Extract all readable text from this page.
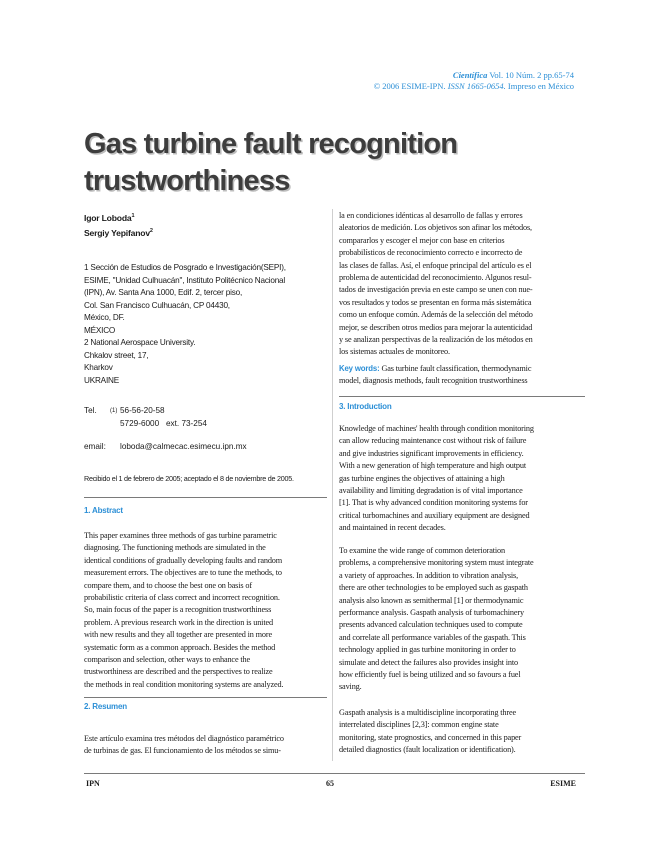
Científica Vol. 10 Núm. 2 pp.65-74
© 2006 ESIME-IPN. ISSN 1665-0654. Impreso en México
Gas turbine fault recognition
trustworthiness
Igor Loboda$^1$
Sergiy Yepifanov$^2$
1 Sección de Estudios de Posgrado e Investigación(SEPI),
ESIME, "Unidad Culhuacán", Instituto Politécnico Nacional
(IPN), Av. Santa Ana 1000, Edif. 2, tercer piso,
Col. San Francisco Culhuacán, CP 04430,
México, DF.
MÉXICO
2 National Aerospace University.
Chkalov street, 17,
Kharkov
UKRAINE
Tel. (1) 56-56-20-58
5729-6000   ext. 73-254
email: loboda@calmecac.esimecu.ipn.mx
Recibido el 1 de febrero de 2005; aceptado el 8 de noviembre de 2005.
1. Abstract
This paper examines three methods of gas turbine parametric
diagnosing. The functioning methods are simulated in the
identical conditions of gradually developing faults and random
measurement errors. The objectives are to tune the methods, to
compare them, and to choose the best one on basis of
probabilistic criteria of class correct and incorrect recognition.
So, main focus of the paper is a recognition trustworthiness
problem. A previous research work in the direction is united
with new results and they all together are presented in more
systematic form as a common approach. Besides the method
comparison and selection, other ways to enhance the
trustworthiness are described and the perspectives to realize
the methods in real condition monitoring systems are analyzed.
2. Resumen
Este artículo examina tres métodos del diagnóstico paramétrico
de turbinas de gas. El funcionamiento de los métodos se simu-
la en condiciones idénticas al desarrollo de fallas y errores
aleatorios de medición. Los objetivos son afinar los métodos,
compararlos y escoger el mejor con base en criterios
probabilísticos de reconocimiento correcto e incorrecto de
las clases de fallas. Así, el enfoque principal del artículo es el
problema de autenticidad del reconocimiento. Algunos resul-
tados de investigación previa en este campo se unen con nue-
vos resultados y todos se presentan en forma más sistemática
como un enfoque común. Además de la selección del método
mejor, se describen otros medios para mejorar la autenticidad
y se analizan perspectivas de la realización de los métodos en
los sistemas actuales de monitoreo.
Key words: Gas turbine fault classification, thermodynamic
model, diagnosis methods, fault recognition trustworthiness
3. Introduction
Knowledge of machines' health through condition monitoring
can allow reducing maintenance cost without risk of failure
and give industries significant improvements in efficiency.
With a new generation of high temperature and high output
gas turbine engines the objectives of attaining a high
availability and limiting degradation is of vital importance
[1]. That is why advanced condition monitoring systems for
critical turbomachines and auxiliary equipment are designed
and maintained in recent decades.
To examine the wide range of common deterioration
problems, a comprehensive monitoring system must integrate
a variety of approaches. In addition to vibration analysis,
there are other technologies to be employed such as gaspath
analysis also known as semithermal [1] or thermodynamic
performance analysis. Gaspath analysis of turbomachinery
presents advanced calculation techniques used to compute
and correlate all performance variables of the gaspath. This
technology applied in gas turbine monitoring in order to
simulate and detect the failures also provides insight into
how efficiently fuel is being utilized and so favours a fuel
saving.
Gaspath analysis is a multidiscipline incorporating three
interrelated disciplines [2,3]: common engine state
monitoring, state prognostics, and concerned in this paper
detailed diagnostics (fault localization or identification).
IPN	65	ESIME
